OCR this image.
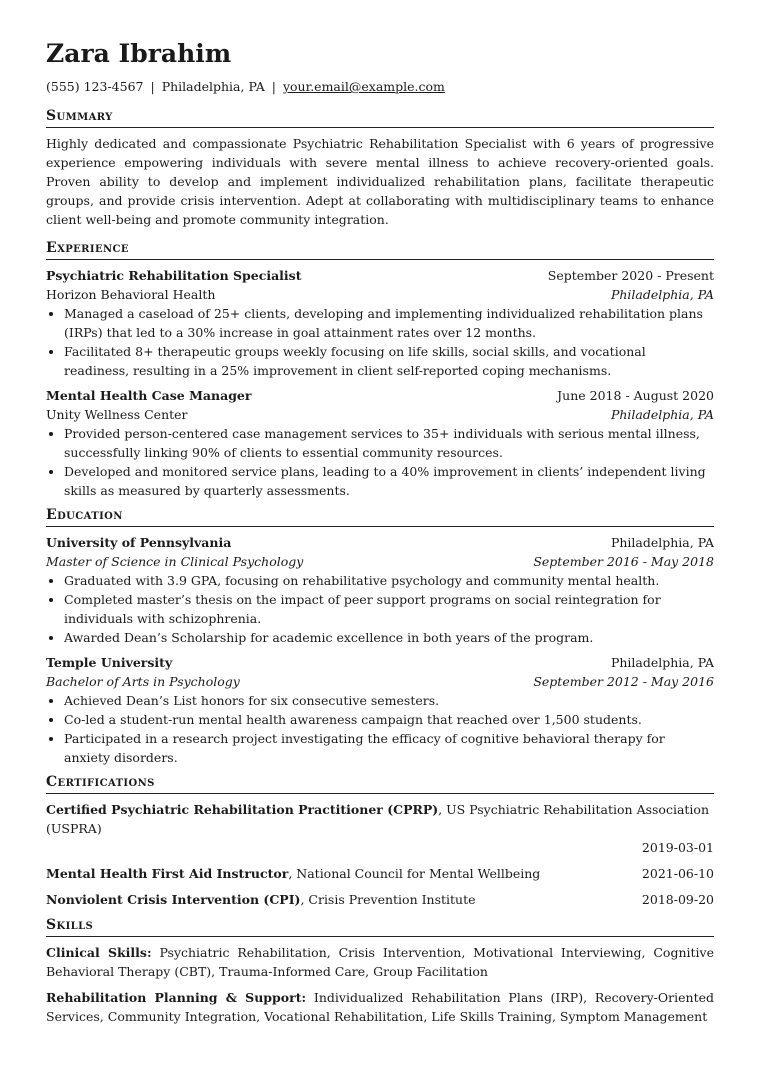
Zara Ibrahim
(555) 123-4567 | Philadelphia, PA | your.email@example.com
Summary
Highly dedicated and compassionate Psychiatric Rehabilitation Specialist with 6 years of progressive experience empowering individuals with severe mental illness to achieve recovery-oriented goals. Proven ability to develop and implement individualized rehabilitation plans, facilitate therapeutic groups, and provide crisis intervention. Adept at collaborating with multidisciplinary teams to enhance client well-being and promote community integration.
Experience
Psychiatric Rehabilitation Specialist	September 2020 - Present
Horizon Behavioral Health	Philadelphia, PA
• Managed a caseload of 25+ clients, developing and implementing individualized rehabilitation plans (IRPs) that led to a 30% increase in goal attainment rates over 12 months.
• Facilitated 8+ therapeutic groups weekly focusing on life skills, social skills, and vocational readiness, resulting in a 25% improvement in client self-reported coping mechanisms.
Mental Health Case Manager	June 2018 - August 2020
Unity Wellness Center	Philadelphia, PA
• Provided person-centered case management services to 35+ individuals with serious mental illness, successfully linking 90% of clients to essential community resources.
• Developed and monitored service plans, leading to a 40% improvement in clients’ independent living skills as measured by quarterly assessments.
Education
University of Pennsylvania	Philadelphia, PA
Master of Science in Clinical Psychology	September 2016 - May 2018
• Graduated with 3.9 GPA, focusing on rehabilitative psychology and community mental health.
• Completed master’s thesis on the impact of peer support programs on social reintegration for individuals with schizophrenia.
• Awarded Dean’s Scholarship for academic excellence in both years of the program.
Temple University	Philadelphia, PA
Bachelor of Arts in Psychology	September 2012 - May 2016
• Achieved Dean’s List honors for six consecutive semesters.
• Co-led a student-run mental health awareness campaign that reached over 1,500 students.
• Participated in a research project investigating the efficacy of cognitive behavioral therapy for anxiety disorders.
Certifications
Certified Psychiatric Rehabilitation Practitioner (CPRP), US Psychiatric Rehabilitation Association (USPRA)
2019-03-01
Mental Health First Aid Instructor, National Council for Mental Wellbeing	2021-06-10
Nonviolent Crisis Intervention (CPI), Crisis Prevention Institute	2018-09-20
Skills
Clinical Skills: Psychiatric Rehabilitation, Crisis Intervention, Motivational Interviewing, Cognitive Behavioral Therapy (CBT), Trauma-Informed Care, Group Facilitation
Rehabilitation Planning & Support: Individualized Rehabilitation Plans (IRP), Recovery-Oriented Services, Community Integration, Vocational Rehabilitation, Life Skills Training, Symptom Management
